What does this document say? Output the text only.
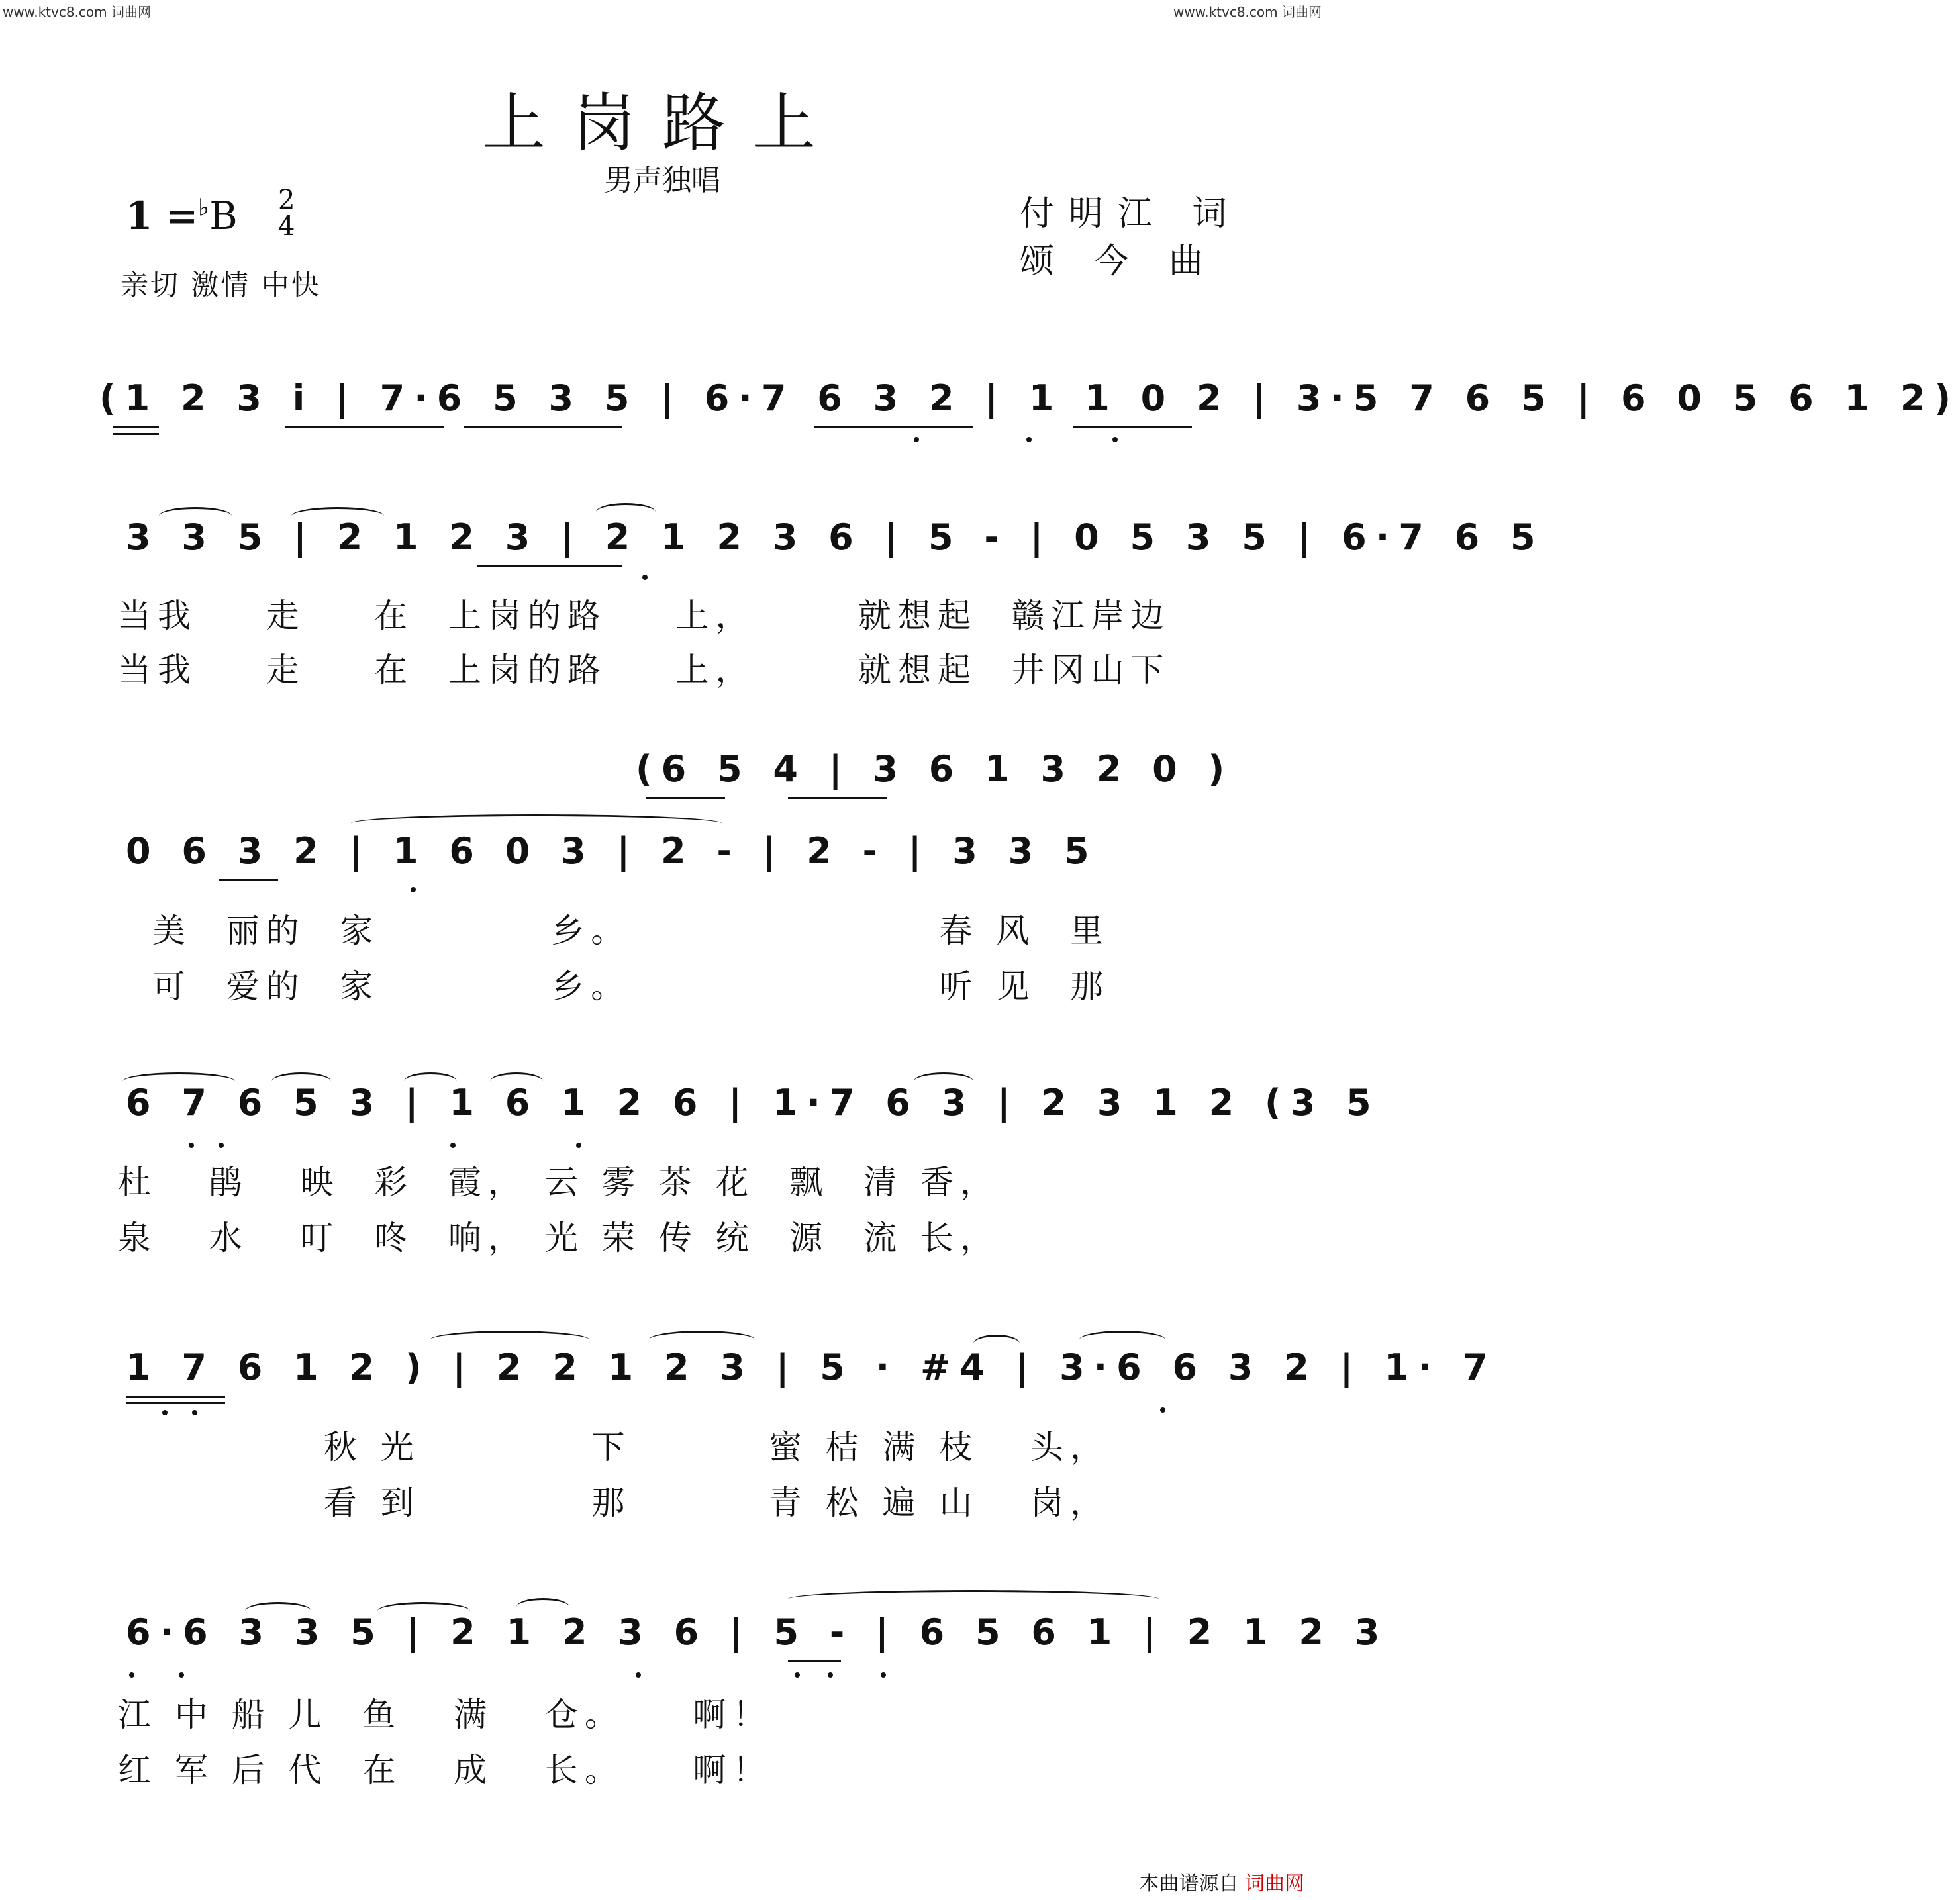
www.ktvc8.com 词曲网	www.ktvc8.com 词曲网
上岗路上
男声独唱
1 =♭B 2
4
亲切 激情 中快
付明江 词
颂 今 曲
(1 2 3 i | 7·6 5 3 5 | 6·7 6 3 2 | 1 1 0 2 | 3·5 7 6 5 | 6 0 5 6 1 2)
3 3 5 | 2 1 2 3 | 2 1 2 3 6 | 5 - | 0 5 3 5 | 6·7 6 5
当我    走    在  上岗的路    上，      就想起  赣江岸边
当我    走    在  上岗的路    上，      就想起  井冈山下
(6 5 4 | 3 6 1 3 2 0 )
0 6 3 2 | 1 6 0 3 | 2 - | 2 - | 3 3 5
美  丽的  家          乡。                  春 风  里
可  爱的  家          乡。                  听 见  那
6 7 6 5 3 | 1 6 1 2 6 | 1·7 6 3 | 2 3 1 2 (3 5
杜   鹃   映  彩  霞， 云 雾 茶 花  飘  清 香，
泉   水   叮  咚  响， 光 荣 传 统  源  流 长，
1 7 6 1 2 ) | 2 2 1 2 3 | 5 · #4 | 3·6 6 3 2 | 1· 7
秋 光          下        蜜 桔 满 枝   头，
看 到          那        青 松 遍 山   岗，
6·6 3 3 5 | 2 1 2 3 6 | 5 - | 6 5 6 1 | 2 1 2 3
江 中 船 儿  鱼   满   仓。    啊！
红 军 后 代  在   成   长。    啊！
本曲谱源自 词曲网
